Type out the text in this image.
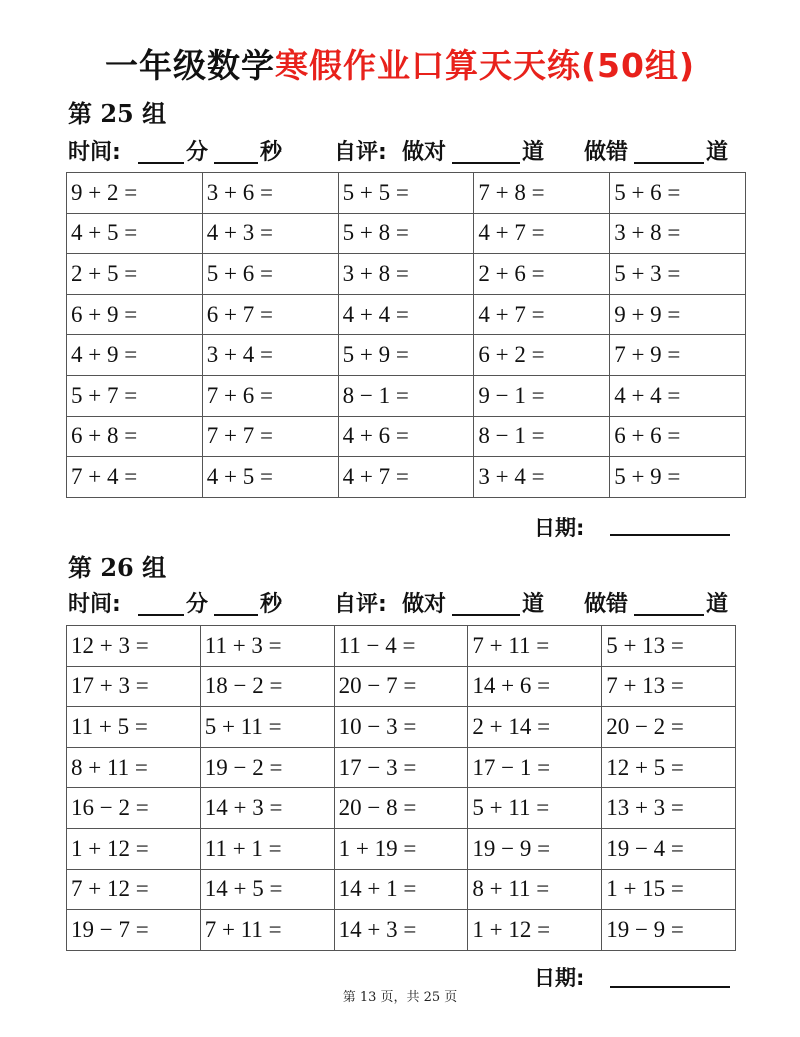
一年级数学寒假作业口算天天练(50组)
第 25 组
时间:	分 秒 自评: 做对	道 做错	道
9 + 2 =	3 + 6 =	5 + 5 =	7 + 8 =	5 + 6 =
4 + 5 =	4 + 3 =	5 + 8 =	4 + 7 =	3 + 8 =
2 + 5 =	5 + 6 =	3 + 8 =	2 + 6 =	5 + 3 =
6 + 9 =	6 + 7 =	4 + 4 =	4 + 7 =	9 + 9 =
4 + 9 =	3 + 4 =	5 + 9 =	6 + 2 =	7 + 9 =
5 + 7 =	7 + 6 =	8 − 1 =	9 − 1 =	4 + 4 =
6 + 8 =	7 + 7 =	4 + 6 =	8 − 1 =	6 + 6 =
7 + 4 =	4 + 5 =	4 + 7 =	3 + 4 =	5 + 9 =
日期:
第 26 组
时间:	分 秒 自评: 做对	道 做错	道
12 + 3 =	11 + 3 =	11 − 4 =	7 + 11 =	5 + 13 =
17 + 3 =	18 − 2 =	20 − 7 =	14 + 6 =	7 + 13 =
11 + 5 =	5 + 11 =	10 − 3 =	2 + 14 =	20 − 2 =
8 + 11 =	19 − 2 =	17 − 3 =	17 − 1 =	12 + 5 =
16 − 2 =	14 + 3 =	20 − 8 =	5 + 11 =	13 + 3 =
1 + 12 =	11 + 1 =	1 + 19 =	19 − 9 =	19 − 4 =
7 + 12 =	14 + 5 =	14 + 1 =	8 + 11 =	1 + 15 =
19 − 7 =	7 + 11 =	14 + 3 =	1 + 12 =	19 − 9 =
日期:
第 13 页，共 25 页
